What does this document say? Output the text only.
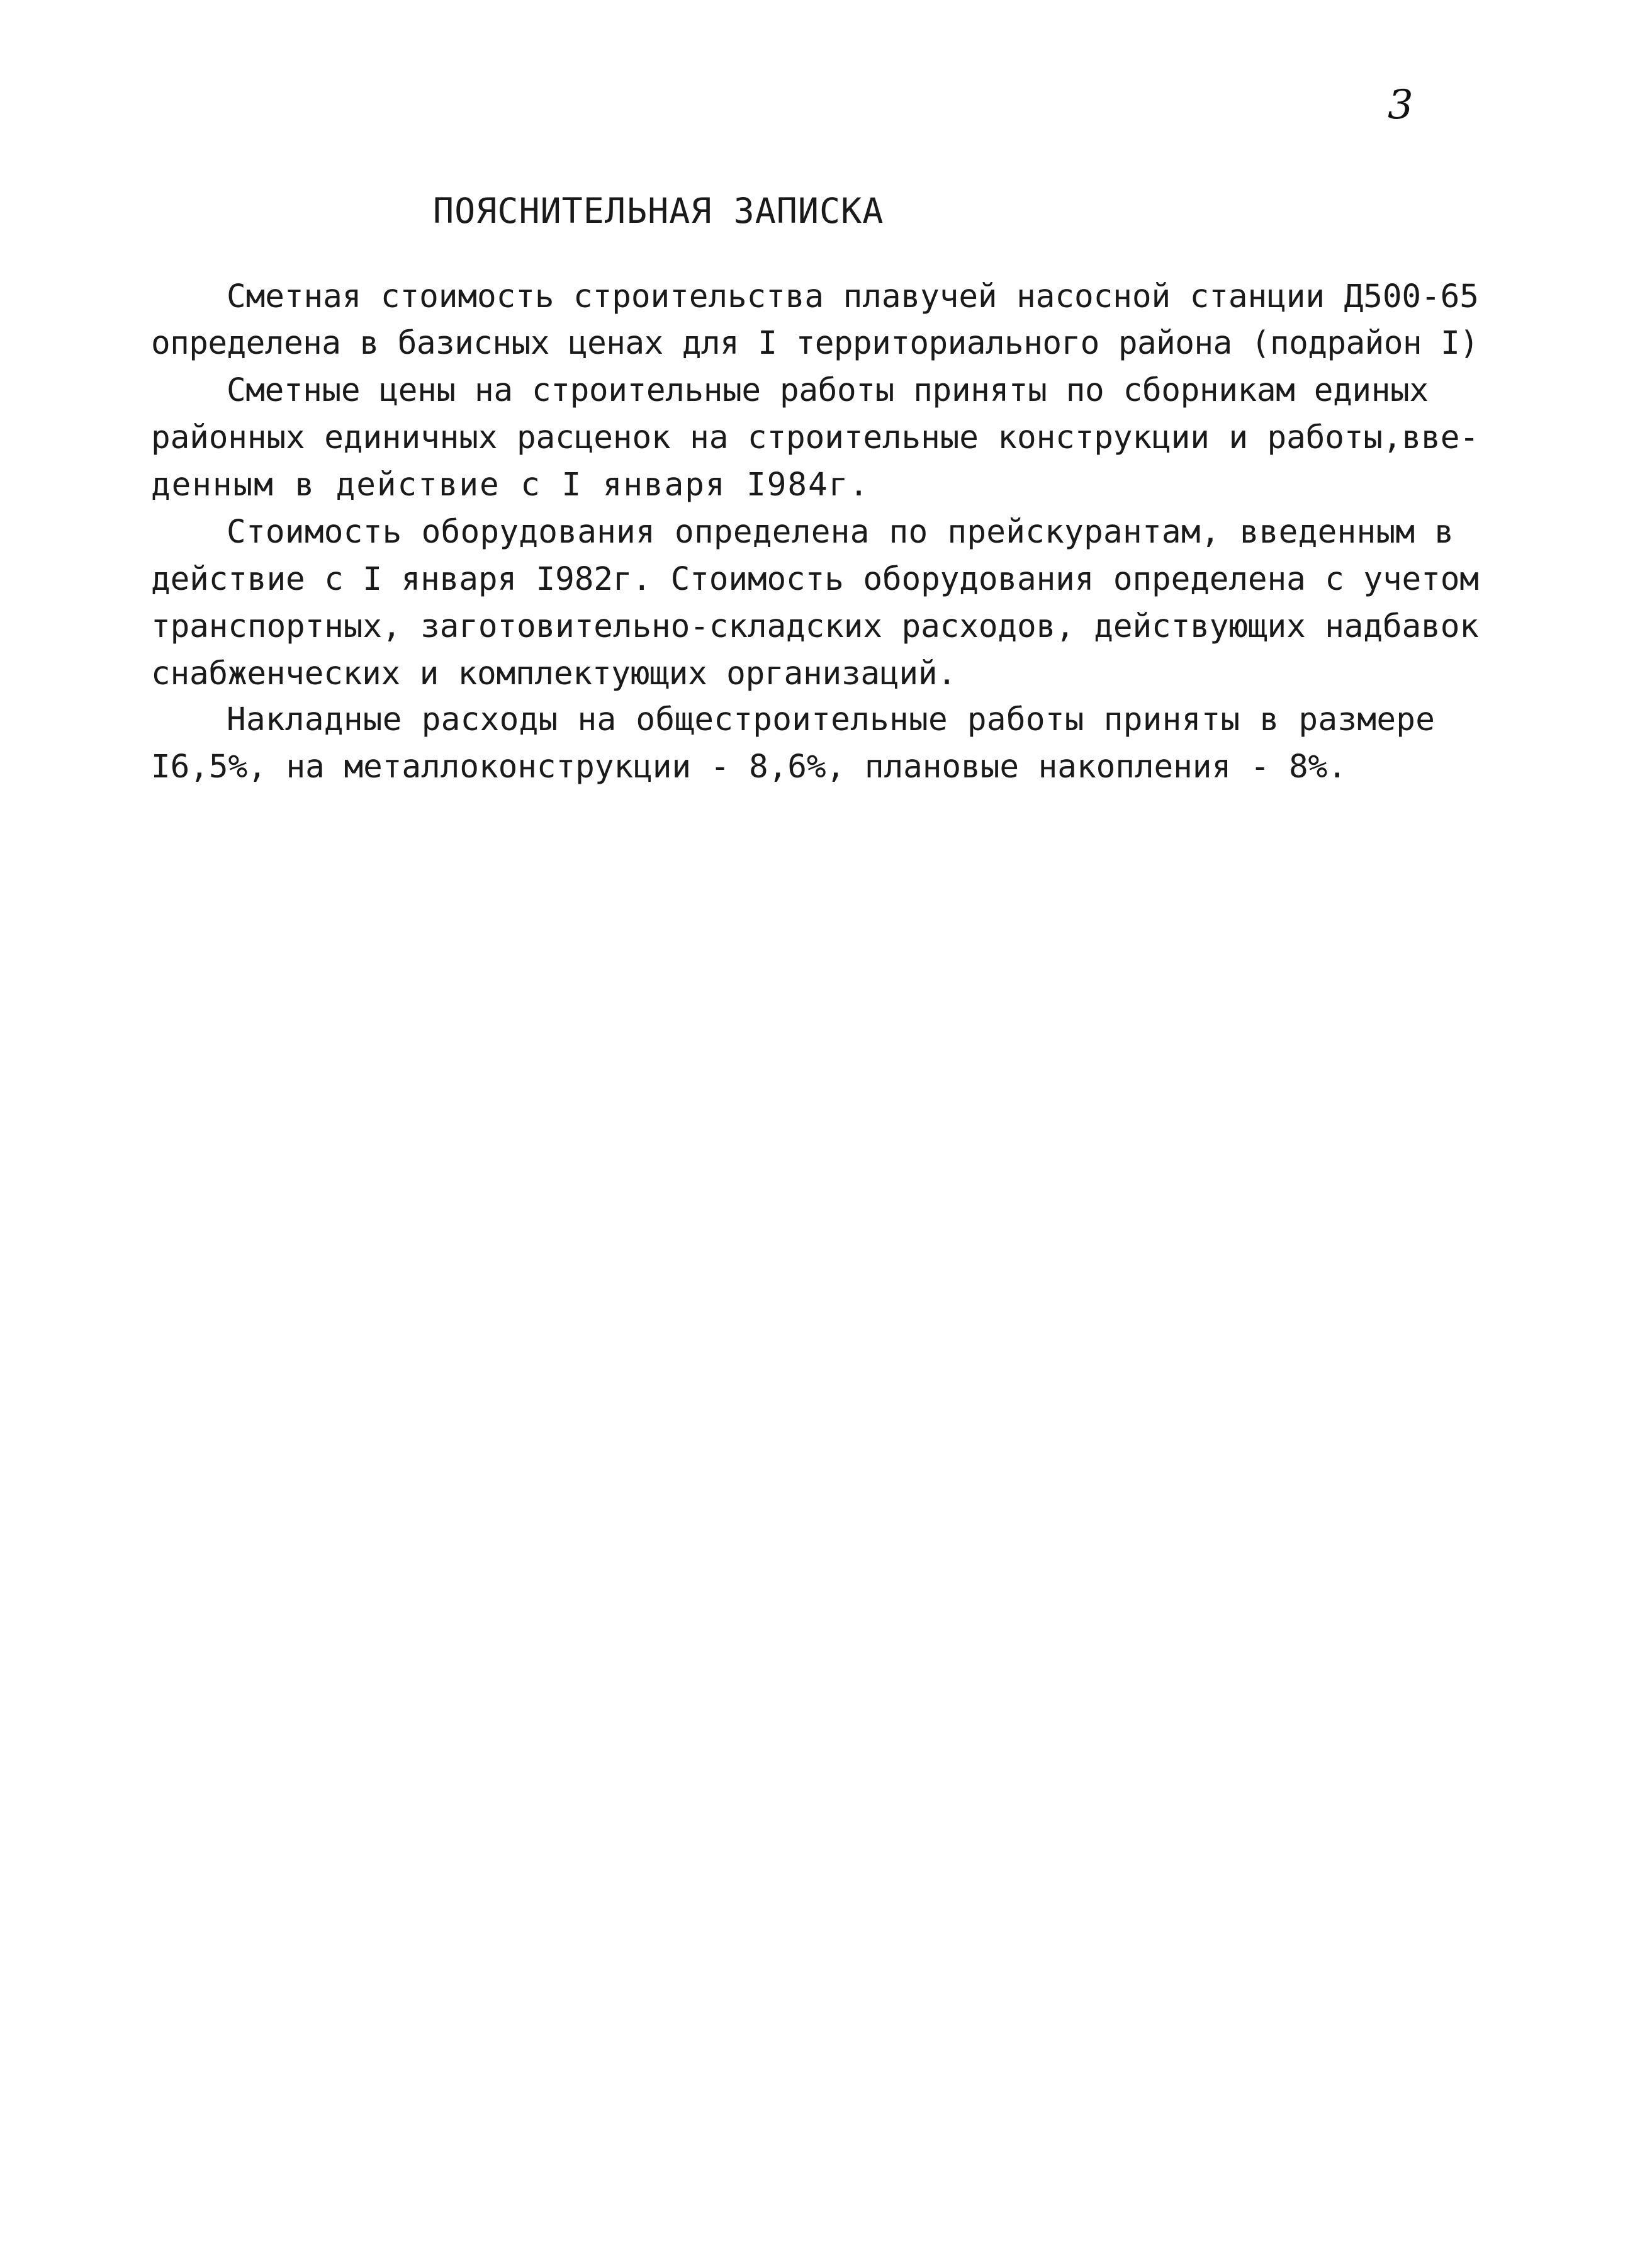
3
ПОЯСНИТЕЛЬНАЯ ЗАПИСКА
Сметная стоимость строительства плавучей насосной станции Д500-65
определена в базисных ценах для I территориального района (подрайон I)
Сметные цены на строительные работы приняты по сборникам единых
районных единичных расценок на строительные конструкции и работы,вве-
денным в действие с I января I984г.
Стоимость оборудования определена по прейскурантам, введенным в
действие с I января I982г. Стоимость оборудования определена с учетом
транспортных, заготовительно-складских расходов, действующих надбавок
снабженческих и комплектующих организаций.
Накладные расходы на общестроительные работы приняты в размере
I6,5%, на металлоконструкции - 8,6%, плановые накопления - 8%.
